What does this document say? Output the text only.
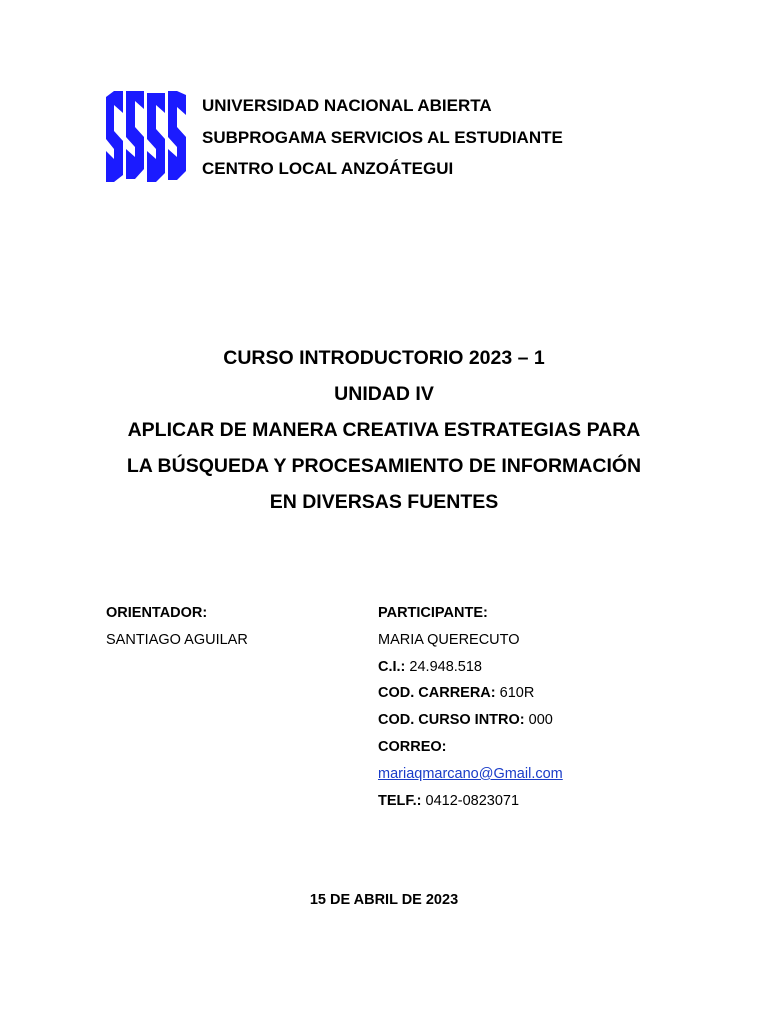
UNIVERSIDAD NACIONAL ABIERTA
SUBPROGAMA SERVICIOS AL ESTUDIANTE
CENTRO LOCAL ANZOÁTEGUI
CURSO INTRODUCTORIO 2023 – 1
UNIDAD IV
APLICAR DE MANERA CREATIVA ESTRATEGIAS PARA
LA BÚSQUEDA Y PROCESAMIENTO DE INFORMACIÓN
EN DIVERSAS FUENTES
ORIENTADOR:
SANTIAGO AGUILAR
PARTICIPANTE:
MARIA QUERECUTO
C.I.: 24.948.518
COD. CARRERA: 610R
COD. CURSO INTRO: 000
CORREO:
mariaqmarcano@Gmail.com
TELF.: 0412-0823071
15 DE ABRIL DE 2023
